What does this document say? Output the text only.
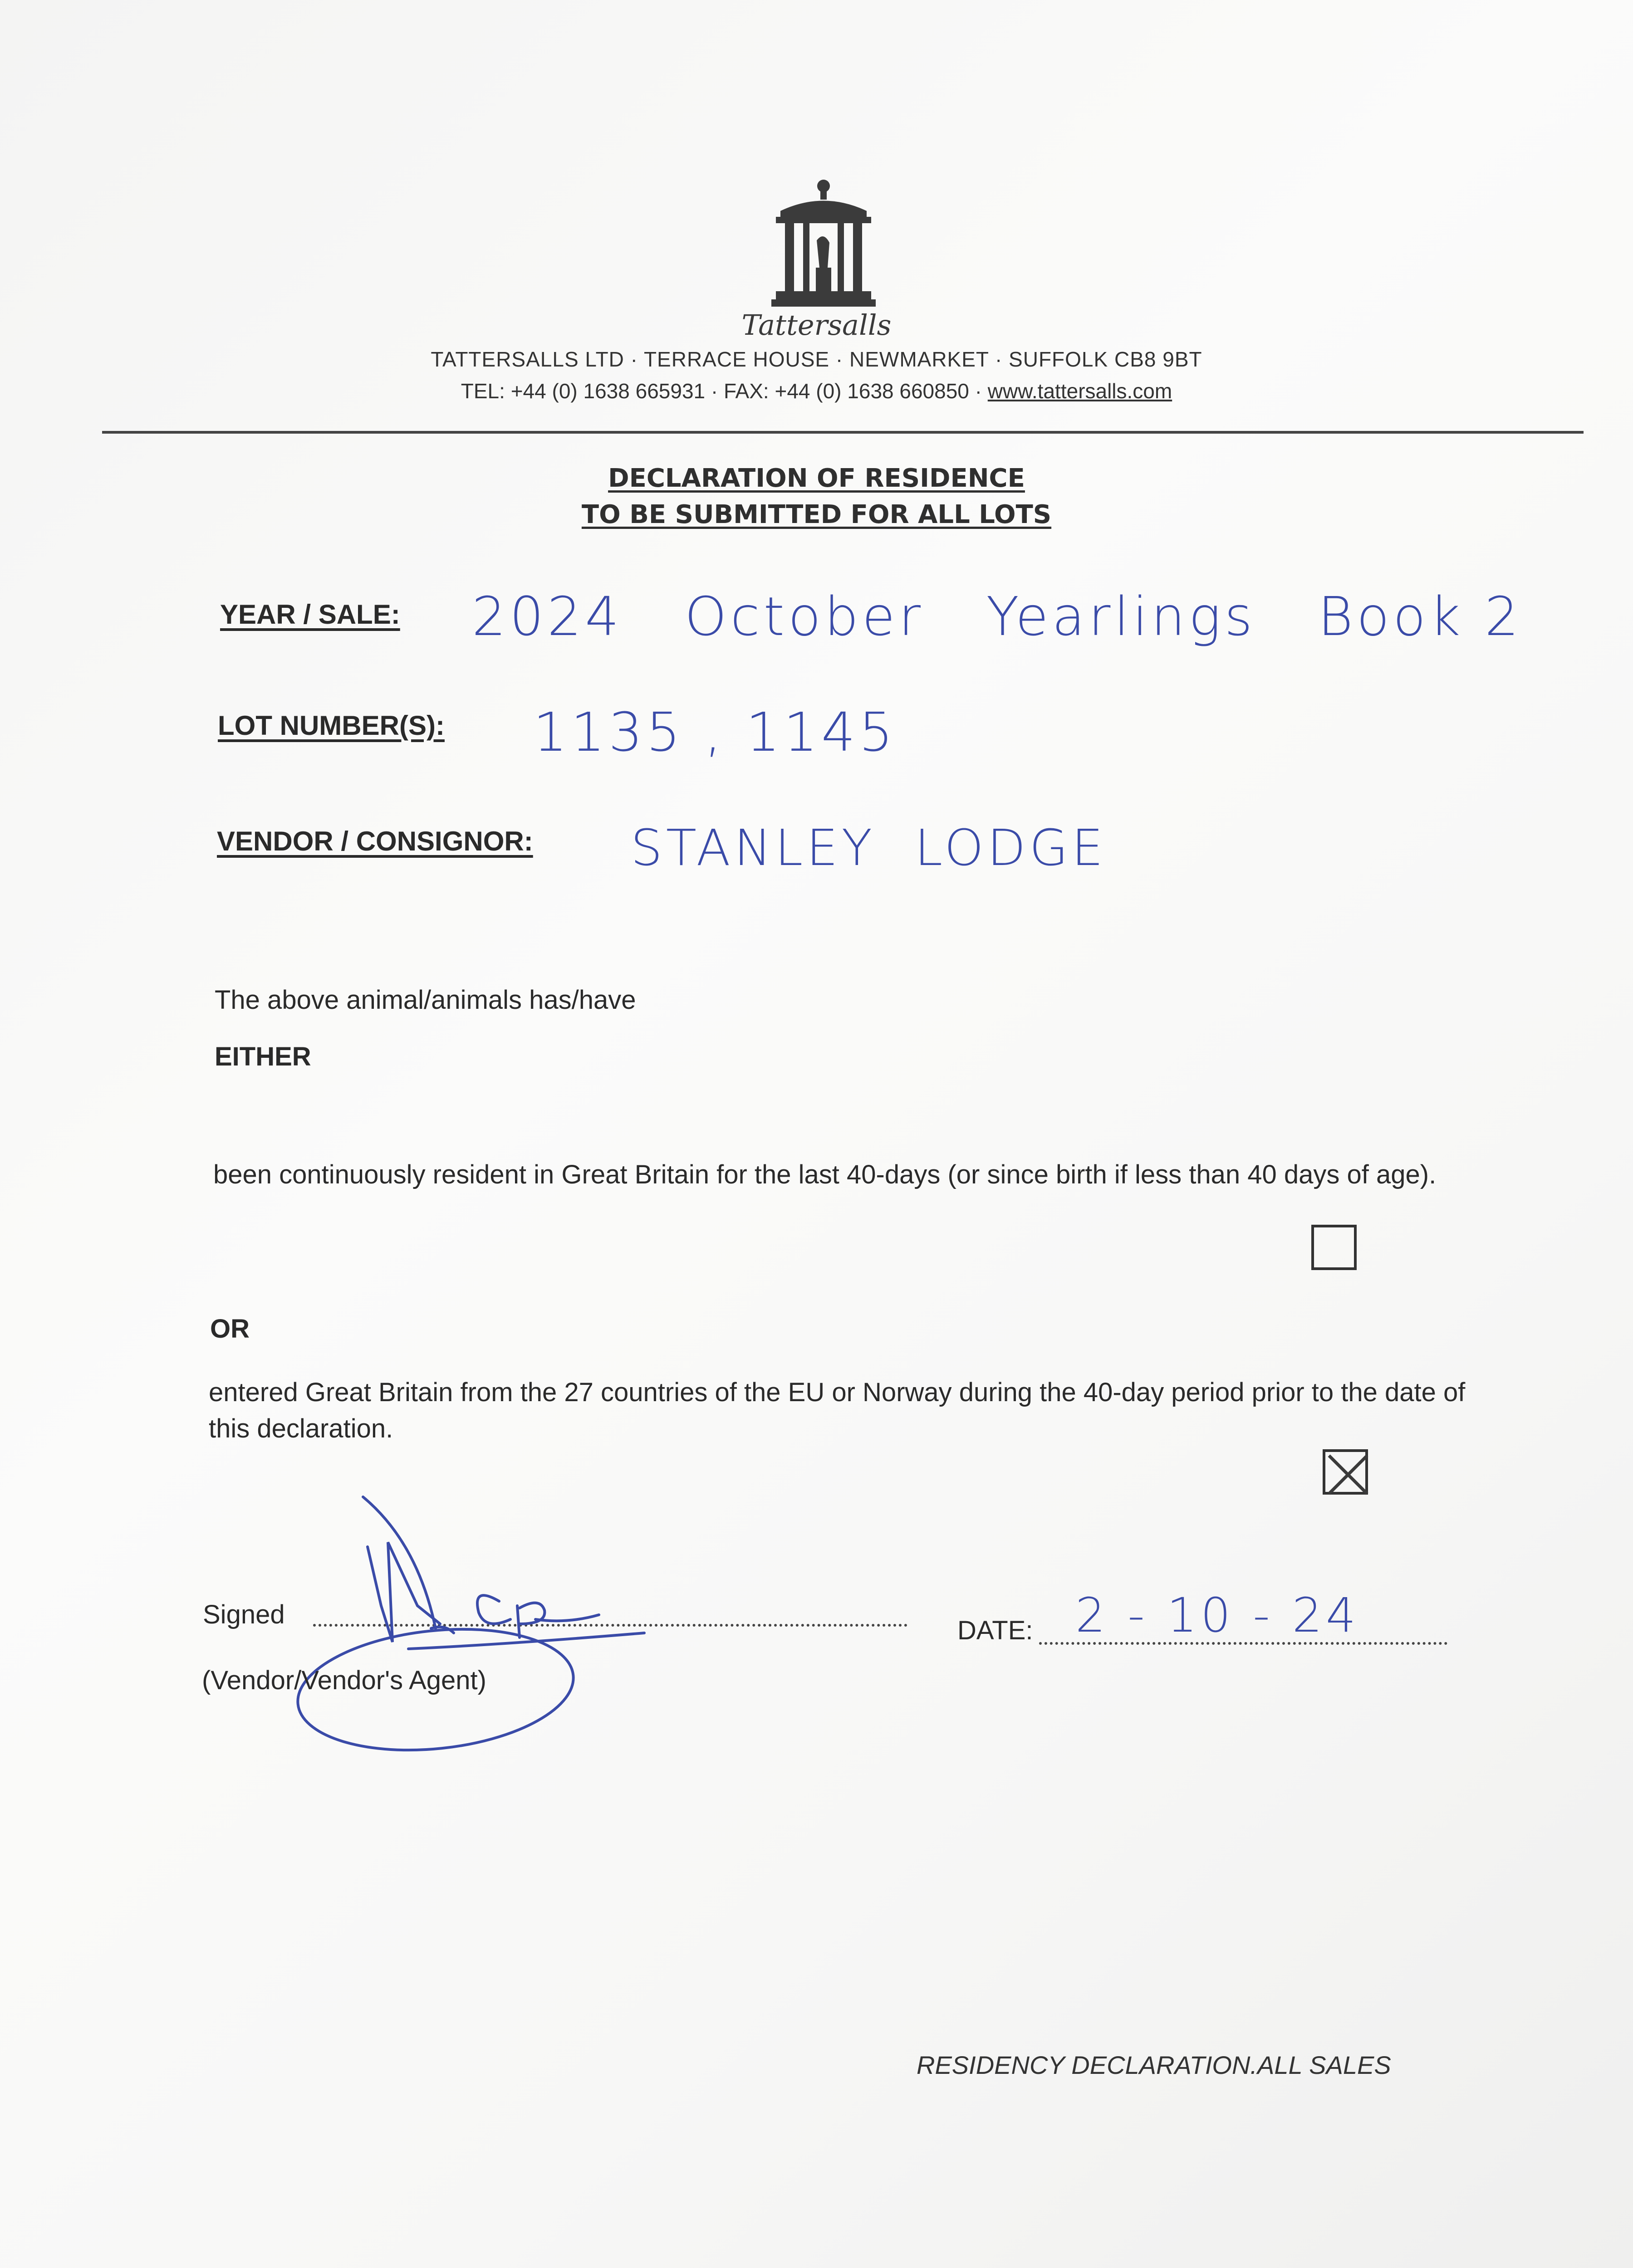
Tattersalls
TATTERSALLS LTD · TERRACE HOUSE · NEWMARKET · SUFFOLK CB8 9BT
TEL: +44 (0) 1638 665931 · FAX: +44 (0) 1638 660850 · www.tattersalls.com
DECLARATION OF RESIDENCE
TO BE SUBMITTED FOR ALL LOTS
YEAR / SALE: 2024   October   Yearlings   Book 2
LOT NUMBER(S): 1135 , 1145
VENDOR / CONSIGNOR: STANLEY  LODGE
The above animal/animals has/have
EITHER
been continuously resident in Great Britain for the last 40-days (or since birth if less than 40 days of age).
OR
entered Great Britain from the 27 countries of the EU or Norway during the 40-day period prior to the date of this declaration.
Signed
(Vendor/Vendor's Agent)
DATE: 2 - 10 - 24
RESIDENCY DECLARATION.ALL SALES
